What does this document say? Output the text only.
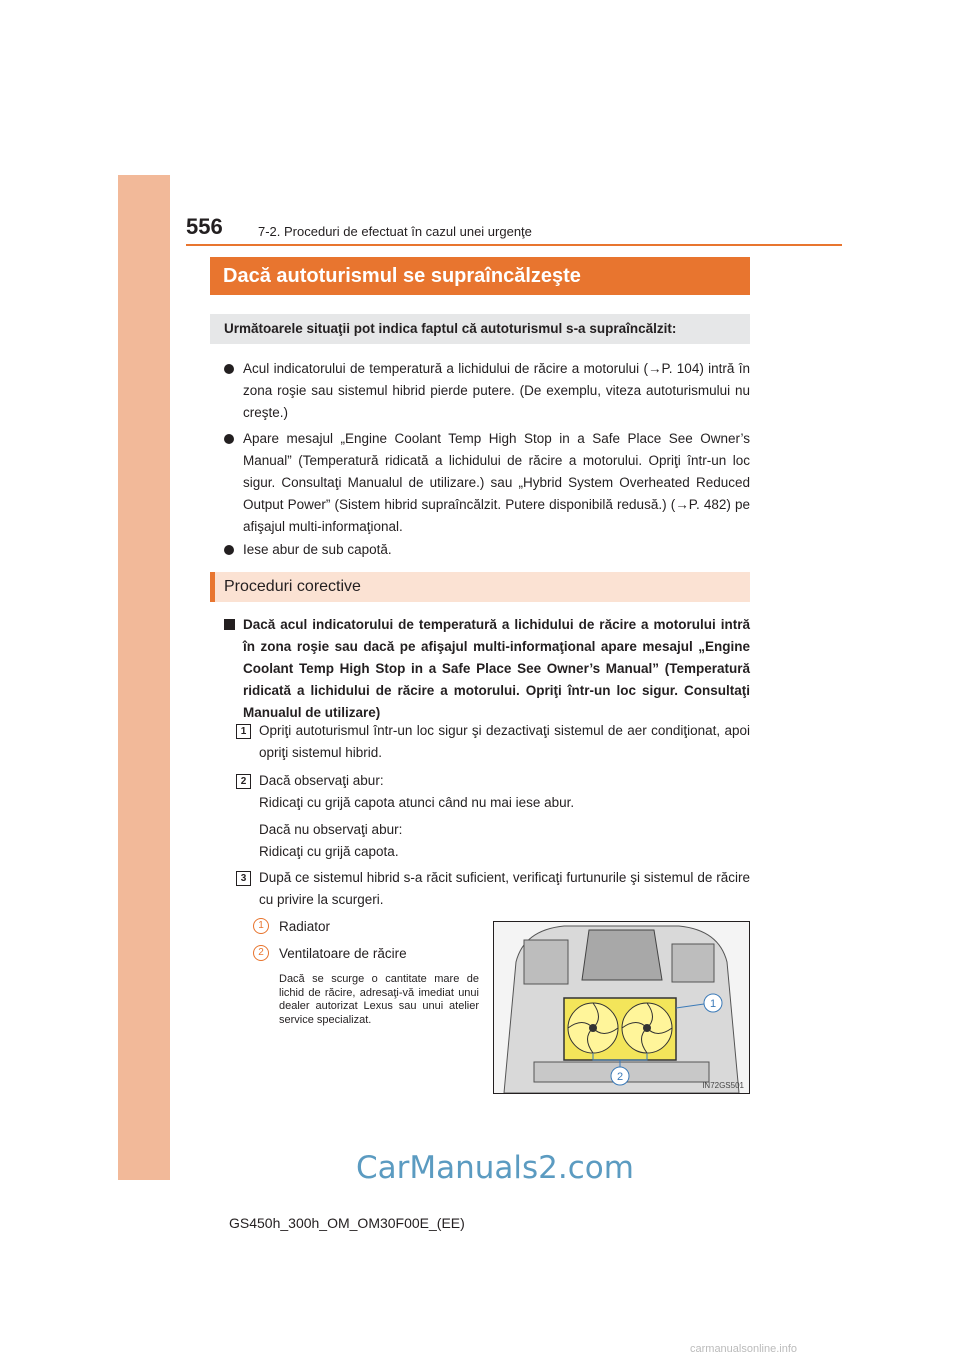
556	7-2. Proceduri de efectuat în cazul unei urgenţe
Dacă autoturismul se supraîncălzeşte
Următoarele situaţii pot indica faptul că autoturismul s-a supraîncălzit:
Acul indicatorului de temperatură a lichidului de răcire a motorului (→P. 104) intră în zona roşie sau sistemul hibrid pierde putere. (De exemplu, viteza autoturismului nu creşte.)
Apare mesajul „Engine Coolant Temp High Stop in a Safe Place See Owner’s Manual” (Temperatură ridicată a lichidului de răcire a motorului. Opriţi într-un loc sigur. Consultaţi Manualul de utilizare.) sau „Hybrid System Overheated Reduced Output Power” (Sistem hibrid supraîncălzit. Putere disponibilă redusă.) (→P. 482) pe afişajul multi-informaţional.
Iese abur de sub capotă.
Proceduri corective
Dacă acul indicatorului de temperatură a lichidului de răcire a motorului intră în zona roşie sau dacă pe afişajul multi-informaţional apare mesajul „Engine Coolant Temp High Stop in a Safe Place See Owner’s Manual” (Temperatură ridicată a lichidului de răcire a motorului. Opriţi într-un loc sigur. Consultaţi Manualul de utilizare)
1 Opriţi autoturismul într-un loc sigur şi dezactivaţi sistemul de aer condiţionat, apoi opriţi sistemul hibrid.
2 Dacă observaţi abur:
Ridicaţi cu grijă capota atunci când nu mai iese abur.
Dacă nu observaţi abur:
Ridicaţi cu grijă capota.
3 După ce sistemul hibrid s-a răcit suficient, verificaţi furtunurile şi sistemul de răcire cu privire la scurgeri.
1	Radiator
2	Ventilatoare de răcire
Dacă se scurge o cantitate mare de lichid de răcire, adresaţi-vă imediat unui dealer autorizat Lexus sau unui atelier service specializat.
1
2
IN72GS501
CarManuals2.com
GS450h_300h_OM_OM30F00E_(EE)
carmanualsonline.info
